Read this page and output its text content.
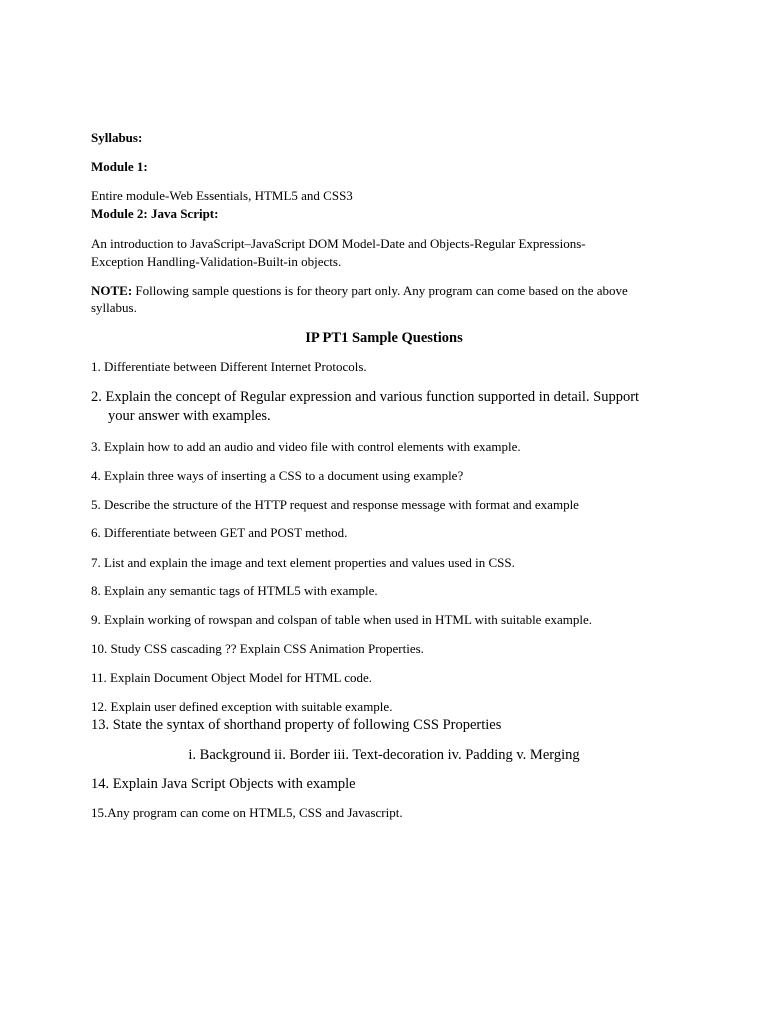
Syllabus:
Module 1:
Entire module-Web Essentials, HTML5 and CSS3
Module 2: Java Script:
An introduction to JavaScript–JavaScript DOM Model-Date and Objects-Regular Expressions-
Exception Handling-Validation-Built-in objects.
NOTE: Following sample questions is for theory part only. Any program can come based on the above
syllabus.
IP PT1 Sample Questions
1. Differentiate between Different Internet Protocols.
2. Explain the concept of Regular expression and various function supported in detail. Support
your answer with examples.
3. Explain how to add an audio and video file with control elements with example.
4. Explain three ways of inserting a CSS to a document using example?
5. Describe the structure of the HTTP request and response message with format and example
6. Differentiate between GET and POST method.
7. List and explain the image and text element properties and values used in CSS.
8. Explain any semantic tags of HTML5 with example.
9. Explain working of rowspan and colspan of table when used in HTML with suitable example.
10. Study CSS cascading ?? Explain CSS Animation Properties.
11. Explain Document Object Model for HTML code.
12. Explain user defined exception with suitable example.
13. State the syntax of shorthand property of following CSS Properties
i. Background ii. Border iii. Text-decoration iv. Padding v. Merging
14. Explain Java Script Objects with example
15.Any program can come on HTML5, CSS and Javascript.
